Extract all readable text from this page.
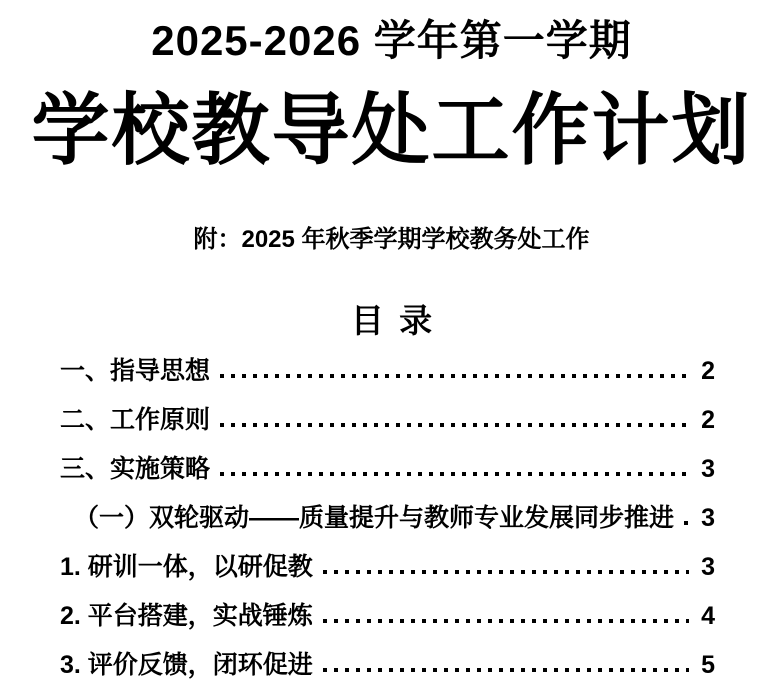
2025-2026 学年第一学期
学校教导处工作计划
附：2025 年秋季学期学校教务处工作
目 录
一、指导思想	2
二、工作原则	2
三、实施策略	3
（一）双轮驱动——质量提升与教师专业发展同步推进 3
1. 研训一体，以研促教	3
2. 平台搭建，实战锤炼	4
3. 评价反馈，闭环促进	5
